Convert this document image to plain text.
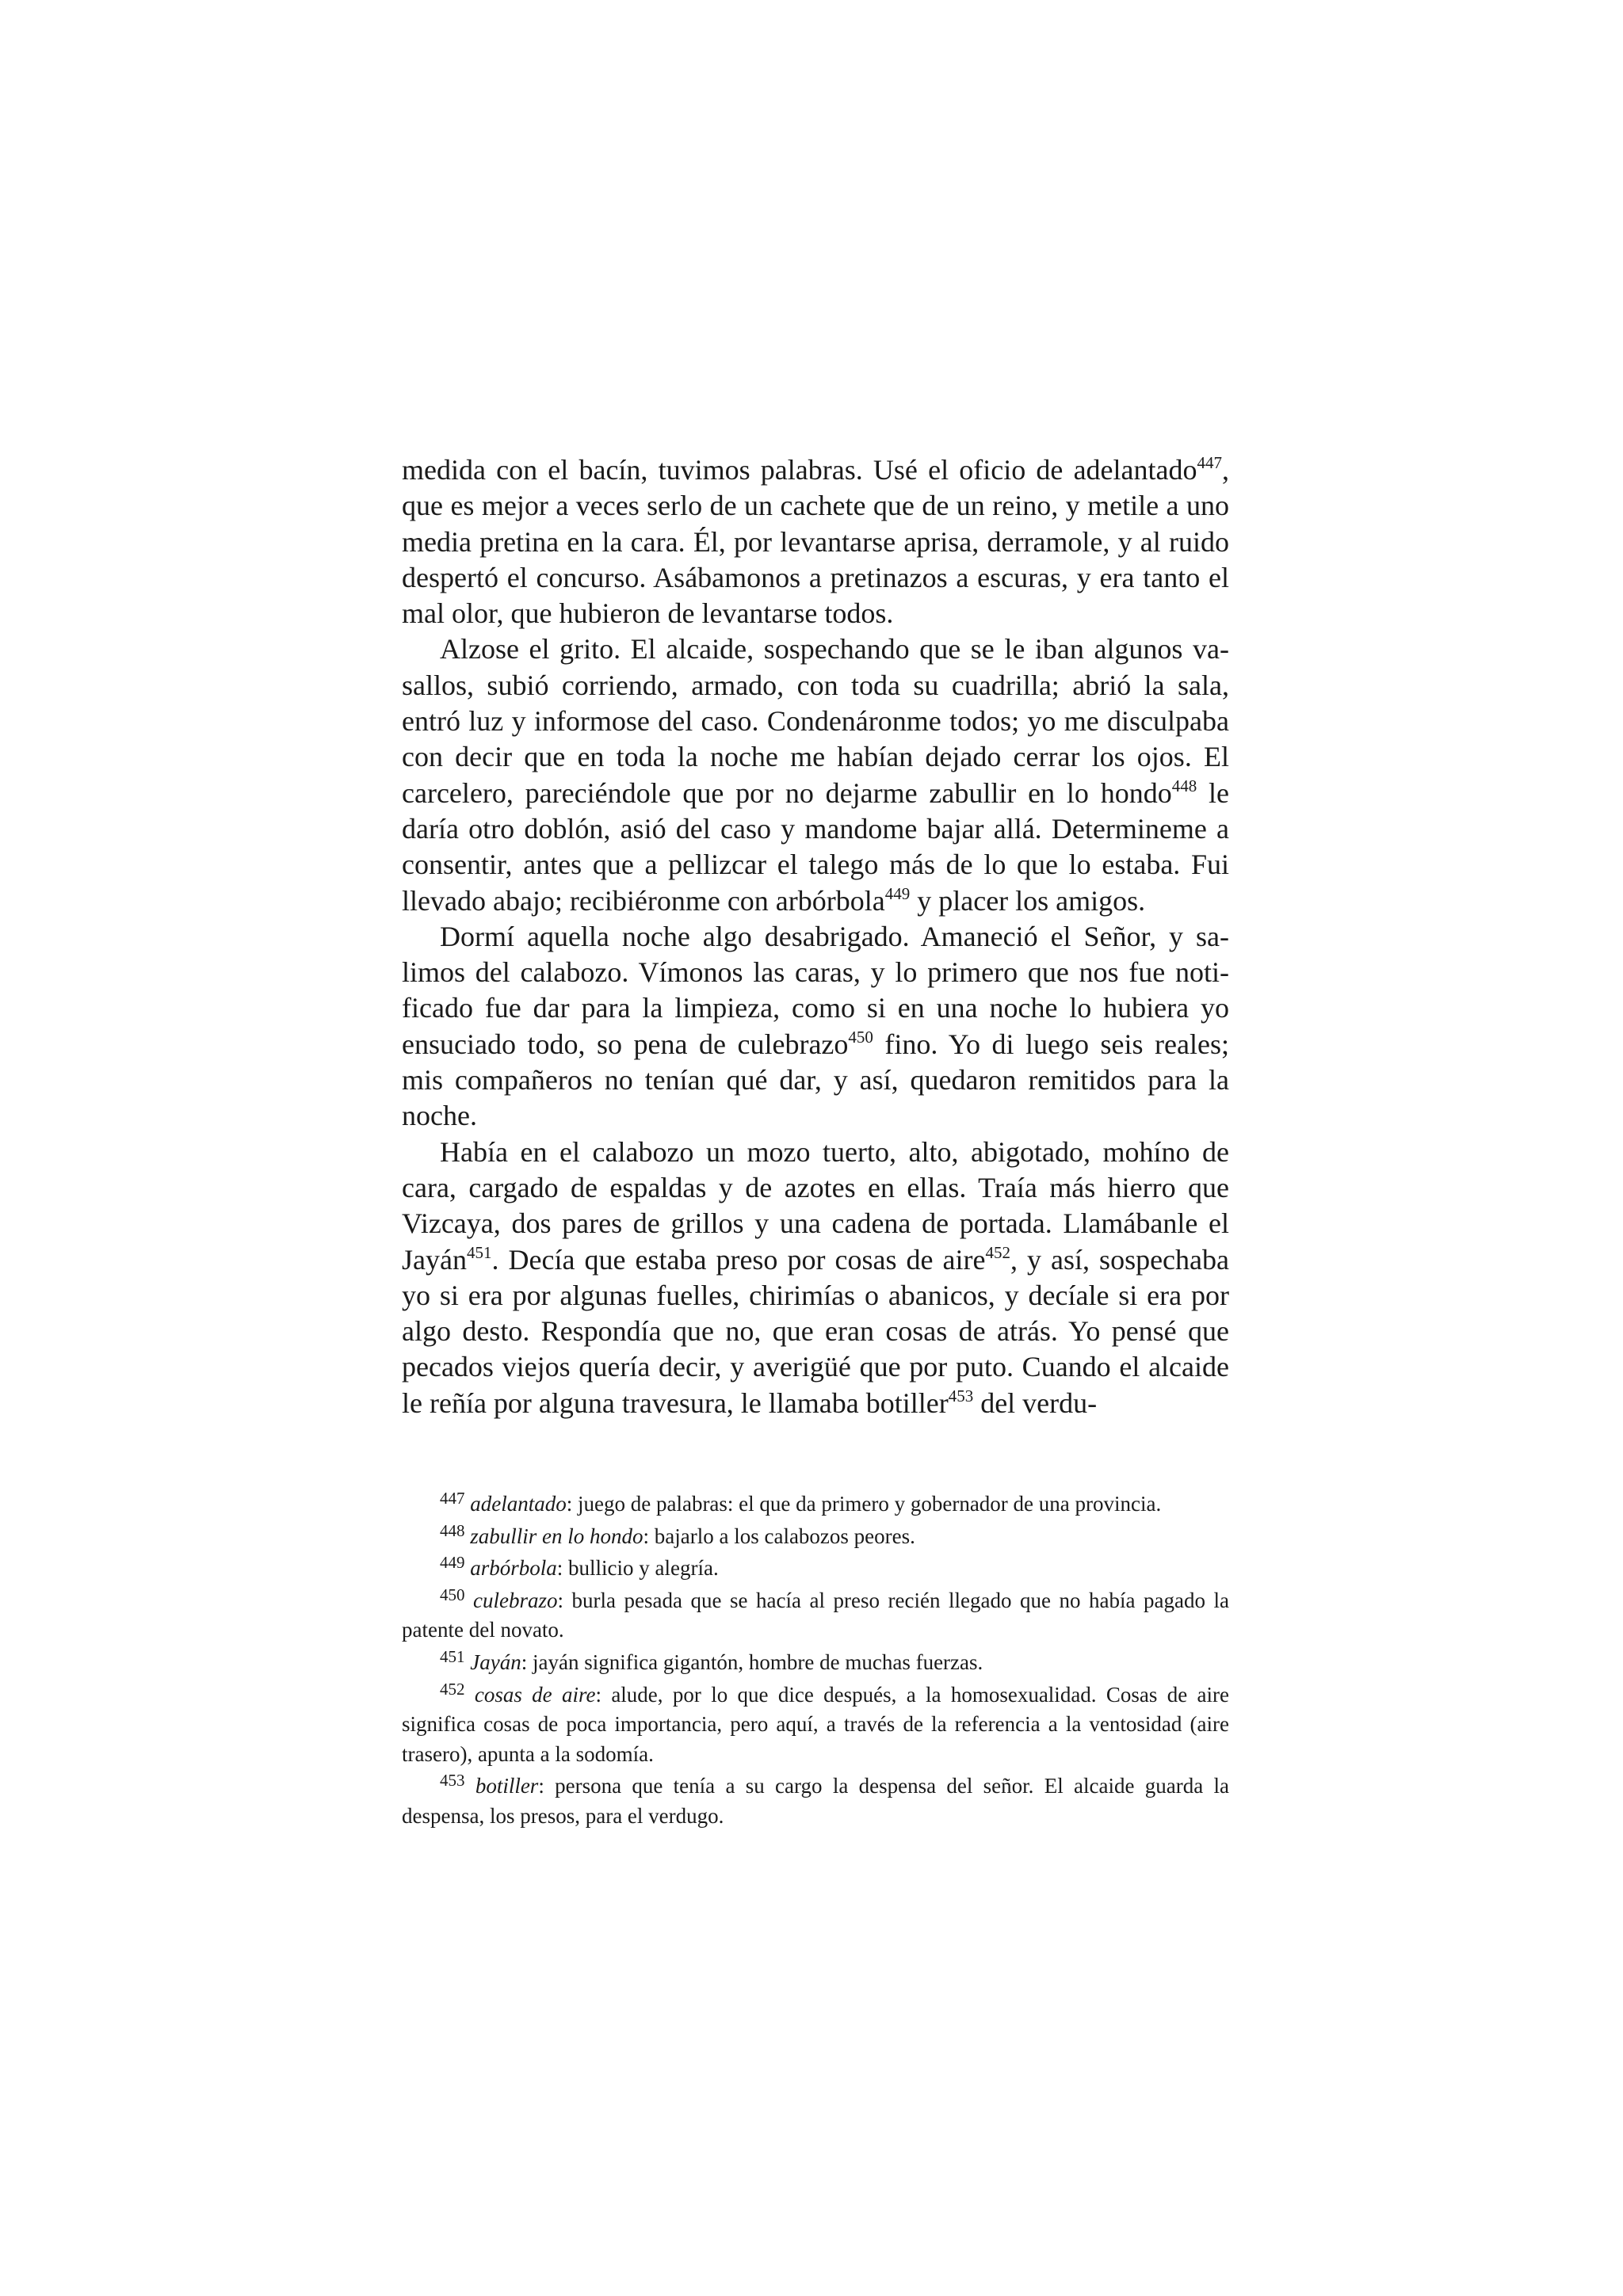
medida con el bacín, tuvimos palabras. Usé el oficio de adelantado$^{447}$, que es mejor a veces serlo de un cachete que de un reino, y metile a uno media pretina en la cara. Él, por levantarse aprisa, derramole, y al ruido despertó el concurso. Asábamonos a pretinazos a escuras, y era tanto el mal olor, que hubieron de levantarse todos.

Alzose el grito. El alcaide, sospechando que se le iban algunos vasallos, subió corriendo, armado, con toda su cuadrilla; abrió la sala, entró luz y informose del caso. Condenáronme todos; yo me disculpaba con decir que en toda la noche me habían dejado cerrar los ojos. El carcelero, pareciéndole que por no dejarme zabullir en lo hondo$^{448}$ le daría otro doblón, asió del caso y mandome bajar allá. Determineme a consentir, antes que a pellizcar el talego más de lo que lo estaba. Fui llevado abajo; recibiéronme con arbórbola$^{449}$ y placer los amigos.

Dormí aquella noche algo desabrigado. Amaneció el Señor, y salimos del calabozo. Vímonos las caras, y lo primero que nos fue notificado fue dar para la limpieza, como si en una noche lo hubiera yo ensuciado todo, so pena de culebrazo$^{450}$ fino. Yo di luego seis reales; mis compañeros no tenían qué dar, y así, quedaron remitidos para la noche.

Había en el calabozo un mozo tuerto, alto, abigotado, mohíno de cara, cargado de espaldas y de azotes en ellas. Traía más hierro que Vizcaya, dos pares de grillos y una cadena de portada. Llamábanle el Jayán$^{451}$. Decía que estaba preso por cosas de aire$^{452}$, y así, sospechaba yo si era por algunas fuelles, chirimías o abanicos, y decíale si era por algo desto. Respondía que no, que eran cosas de atrás. Yo pensé que pecados viejos quería decir, y averigüé que por puto. Cuando el alcaide le reñía por alguna travesura, le llamaba botiller$^{453}$ del verdu-

$^{447}$ adelantado: juego de palabras: el que da primero y gobernador de una provincia.

$^{448}$ zabullir en lo hondo: bajarlo a los calabozos peores.

$^{449}$ arbórbola: bullicio y alegría.

$^{450}$ culebrazo: burla pesada que se hacía al preso recién llegado que no había pagado la patente del novato.

$^{451}$ Jayán: jayán significa gigantón, hombre de muchas fuerzas.

$^{452}$ cosas de aire: alude, por lo que dice después, a la homosexualidad. Cosas de aire significa cosas de poca importancia, pero aquí, a través de la referencia a la ventosidad (aire trasero), apunta a la sodomía.

$^{453}$ botiller: persona que tenía a su cargo la despensa del señor. El alcaide guarda la despensa, los presos, para el verdugo.
